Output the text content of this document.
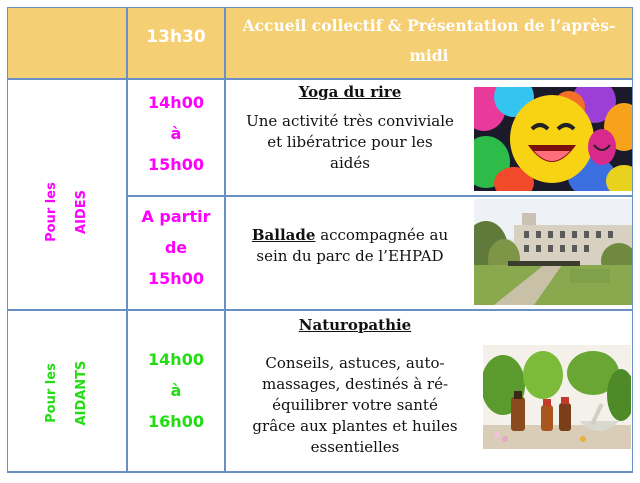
13h30
Accueil collectif & Présentation de l’après-
midi
Pour les	AIDES
Pour les	AIDANTS
14h00
à
15h00
Yoga du rire
Une activité très conviviale
et libératrice pour les
aidés
A partir
de
15h00
Ballade accompagnée au
sein du parc de l’EHPAD
14h00
à
16h00
Naturopathie
Conseils, astuces, auto-
massages, destinés à ré-
équilibrer votre santé
grâce aux plantes et huiles
essentielles
